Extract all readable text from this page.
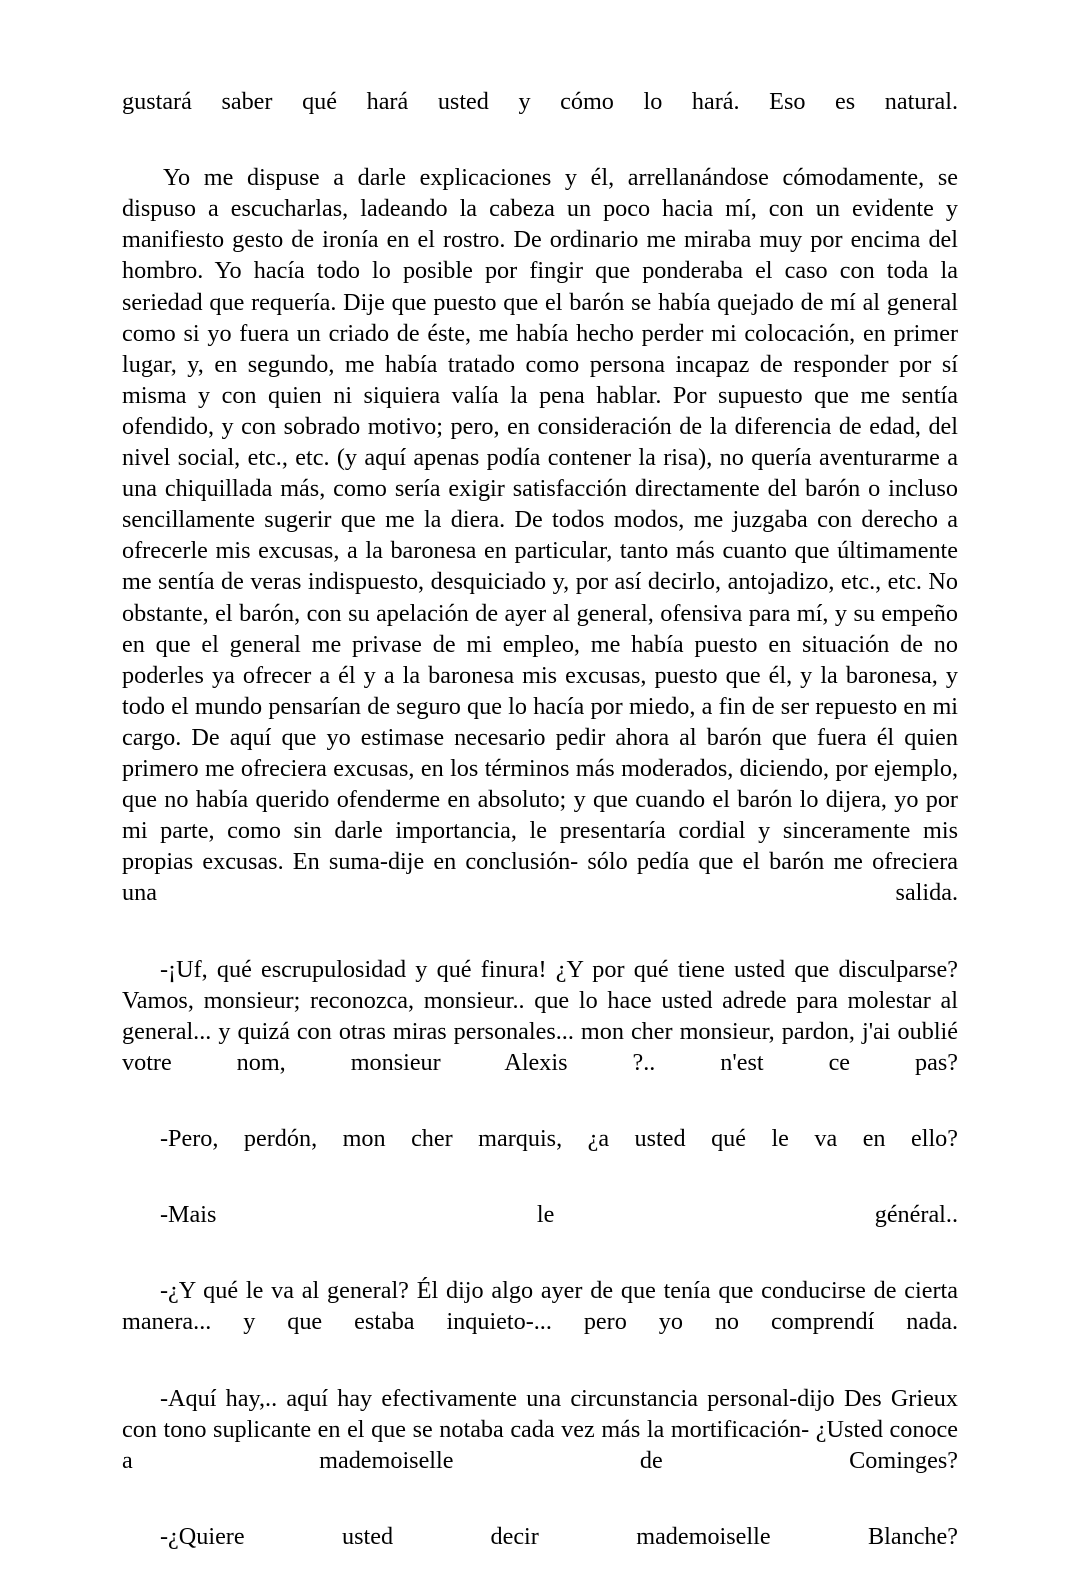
gustará saber qué hará usted y cómo lo hará. Eso es natural.

Yo me dispuse a darle explicaciones y él, arrellanándose cómodamente, se dispuso a escucharlas, ladeando la cabeza un poco hacia mí, con un evidente y manifiesto gesto de ironía en el rostro. De ordinario me miraba muy por encima del hombro. Yo hacía todo lo posible por fingir que ponderaba el caso con toda la seriedad que requería. Dije que puesto que el barón se había quejado de mí al general como si yo fuera un criado de éste, me había hecho perder mi colocación, en primer lugar, y, en segundo, me había tratado como persona incapaz de responder por sí misma y con quien ni siquiera valía la pena hablar. Por supuesto que me sentía ofendido, y con sobrado motivo; pero, en consideración de la diferencia de edad, del nivel social, etc., etc. (y aquí apenas podía contener la risa), no quería aventurarme a una chiquillada más, como sería exigir satisfacción directamente del barón o incluso sencillamente sugerir que me la diera. De todos modos, me juzgaba con derecho a ofrecerle mis excusas, a la baronesa en particular, tanto más cuanto que últimamente me sentía de veras indispuesto, desquiciado y, por así decirlo, antojadizo, etc., etc. No obstante, el barón, con su apelación de ayer al general, ofensiva para mí, y su empeño en que el general me privase de mi empleo, me había puesto en situación de no poderles ya ofrecer a él y a la baronesa mis excusas, puesto que él, y la baronesa, y todo el mundo pensarían de seguro que lo hacía por miedo, a fin de ser repuesto en mi cargo. De aquí que yo estimase necesario pedir ahora al barón que fuera él quien primero me ofreciera excusas, en los términos más moderados, diciendo, por ejemplo, que no había querido ofenderme en absoluto; y que cuando el barón lo dijera, yo por mi parte, como sin darle importancia, le presentaría cordial y sinceramente mis propias excusas. En suma-dije en conclusión- sólo pedía que el barón me ofreciera una salida.

-¡Uf, qué escrupulosidad y qué finura! ¿Y por qué tiene usted que disculparse? Vamos, monsieur; reconozca, monsieur.. que lo hace usted adrede para molestar al general... y quizá con otras miras personales... mon cher monsieur, pardon, j'ai oublié votre nom, monsieur Alexis ?.. n'est ce pas?

-Pero, perdón, mon cher marquis, ¿a usted qué le va en ello?

-Mais le général..

-¿Y qué le va al general? Él dijo algo ayer de que tenía que conducirse de cierta manera... y que estaba inquieto-... pero yo no comprendí nada.

-Aquí hay,.. aquí hay efectivamente una circunstancia personal-dijo Des Grieux con tono suplicante en el que se notaba cada vez más la mortificación- ¿Usted conoce a mademoiselle de Cominges?

-¿Quiere usted decir mademoiselle Blanche?
